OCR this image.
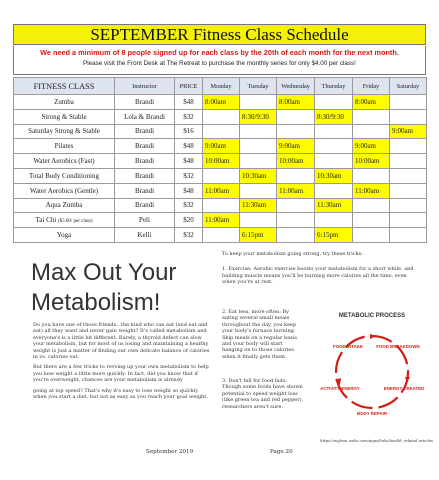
SEPTEMBER Fitness Class Schedule
We need a minimum of 8 people signed up for each class by the 20th of each month for the next month.
Please visit the Front Desk at The Retreat to purchase the monthly series for only $4.00 per class!
FITNESS CLASS	Instructor	PRICE	Monday	Tuesday	Wednesday	Thursday	Friday	Saturday
Zumba	Brandi	$48	8:00am		8:00am		8:00am	

Strong & Stable	Lola & Brandi	$32		8:30/9:30		8:30/9:30		

Saturday Strong & Stable	Brandi	$16						9:00am

Pilates	Brandi	$48	9:00am		9:00am		9:00am	

Water Aerobics (Fast)	Brandi	$48	10:00am		10:00am		10:00am	

Total Body Conditioning	Brandi	$32		10:30am		10:30am		

Water Aerobics (Gentle)	Brandi	$48	11:00am		11:00am		11:00am	

Aqua Zumba	Brandi	$32		11:30am		11:30am		

Tai Chi ($5.00/ per class)	Peli	$20	11:00am					

Yoga	Kelli	$32		6:15pm		6:15pm		

Max Out Your
Metabolism!

Do you have one of those friends...the kind who can eat (and eat and eat) all they want and never gain weight? It's called metabolism and everyone's is a little bit different. Rarely, a thyroid defect can slow your metabolism, but for most of us losing and maintaining a healthy weight is just a matter of finding our own delicate balance of calories in vs. calories out.

But there are a few tricks to revving up your own metabolism to help you lose weight a little more quickly. In fact, did you know that if you're overweight, chances are your metabolism is already

going at top speed? That's why it's easy to lose weight so quickly when you start a diet, but not as easy as you reach your goal weight.

To keep your metabolism going strong, try these tricks:

1. Exercise: Aerobic exercise boosts your metabolism for a short while, and building muscle means you'll be burning more calories all the time, even when you're at rest.

2. Eat less, more often: By eating several small meals throughout the day, you keep your body's furnace burning. Skip meals on a regular basis and your body will start hanging on to those calories when it finally gets them.

3. Don't fall for food fads: Though some foods have shown potential to speed weight loss (like green tea and red pepper), researchers aren't sure.

METABOLIC PROCESS
FOOD INTAKE	FOOD BREAKDOWN
ACTIVITY ENERGY	ENERGY CREATED
BODY REPAIR
https://mylosa.webs.com/apps/links/health_related.articles
September 2019	Page 20
